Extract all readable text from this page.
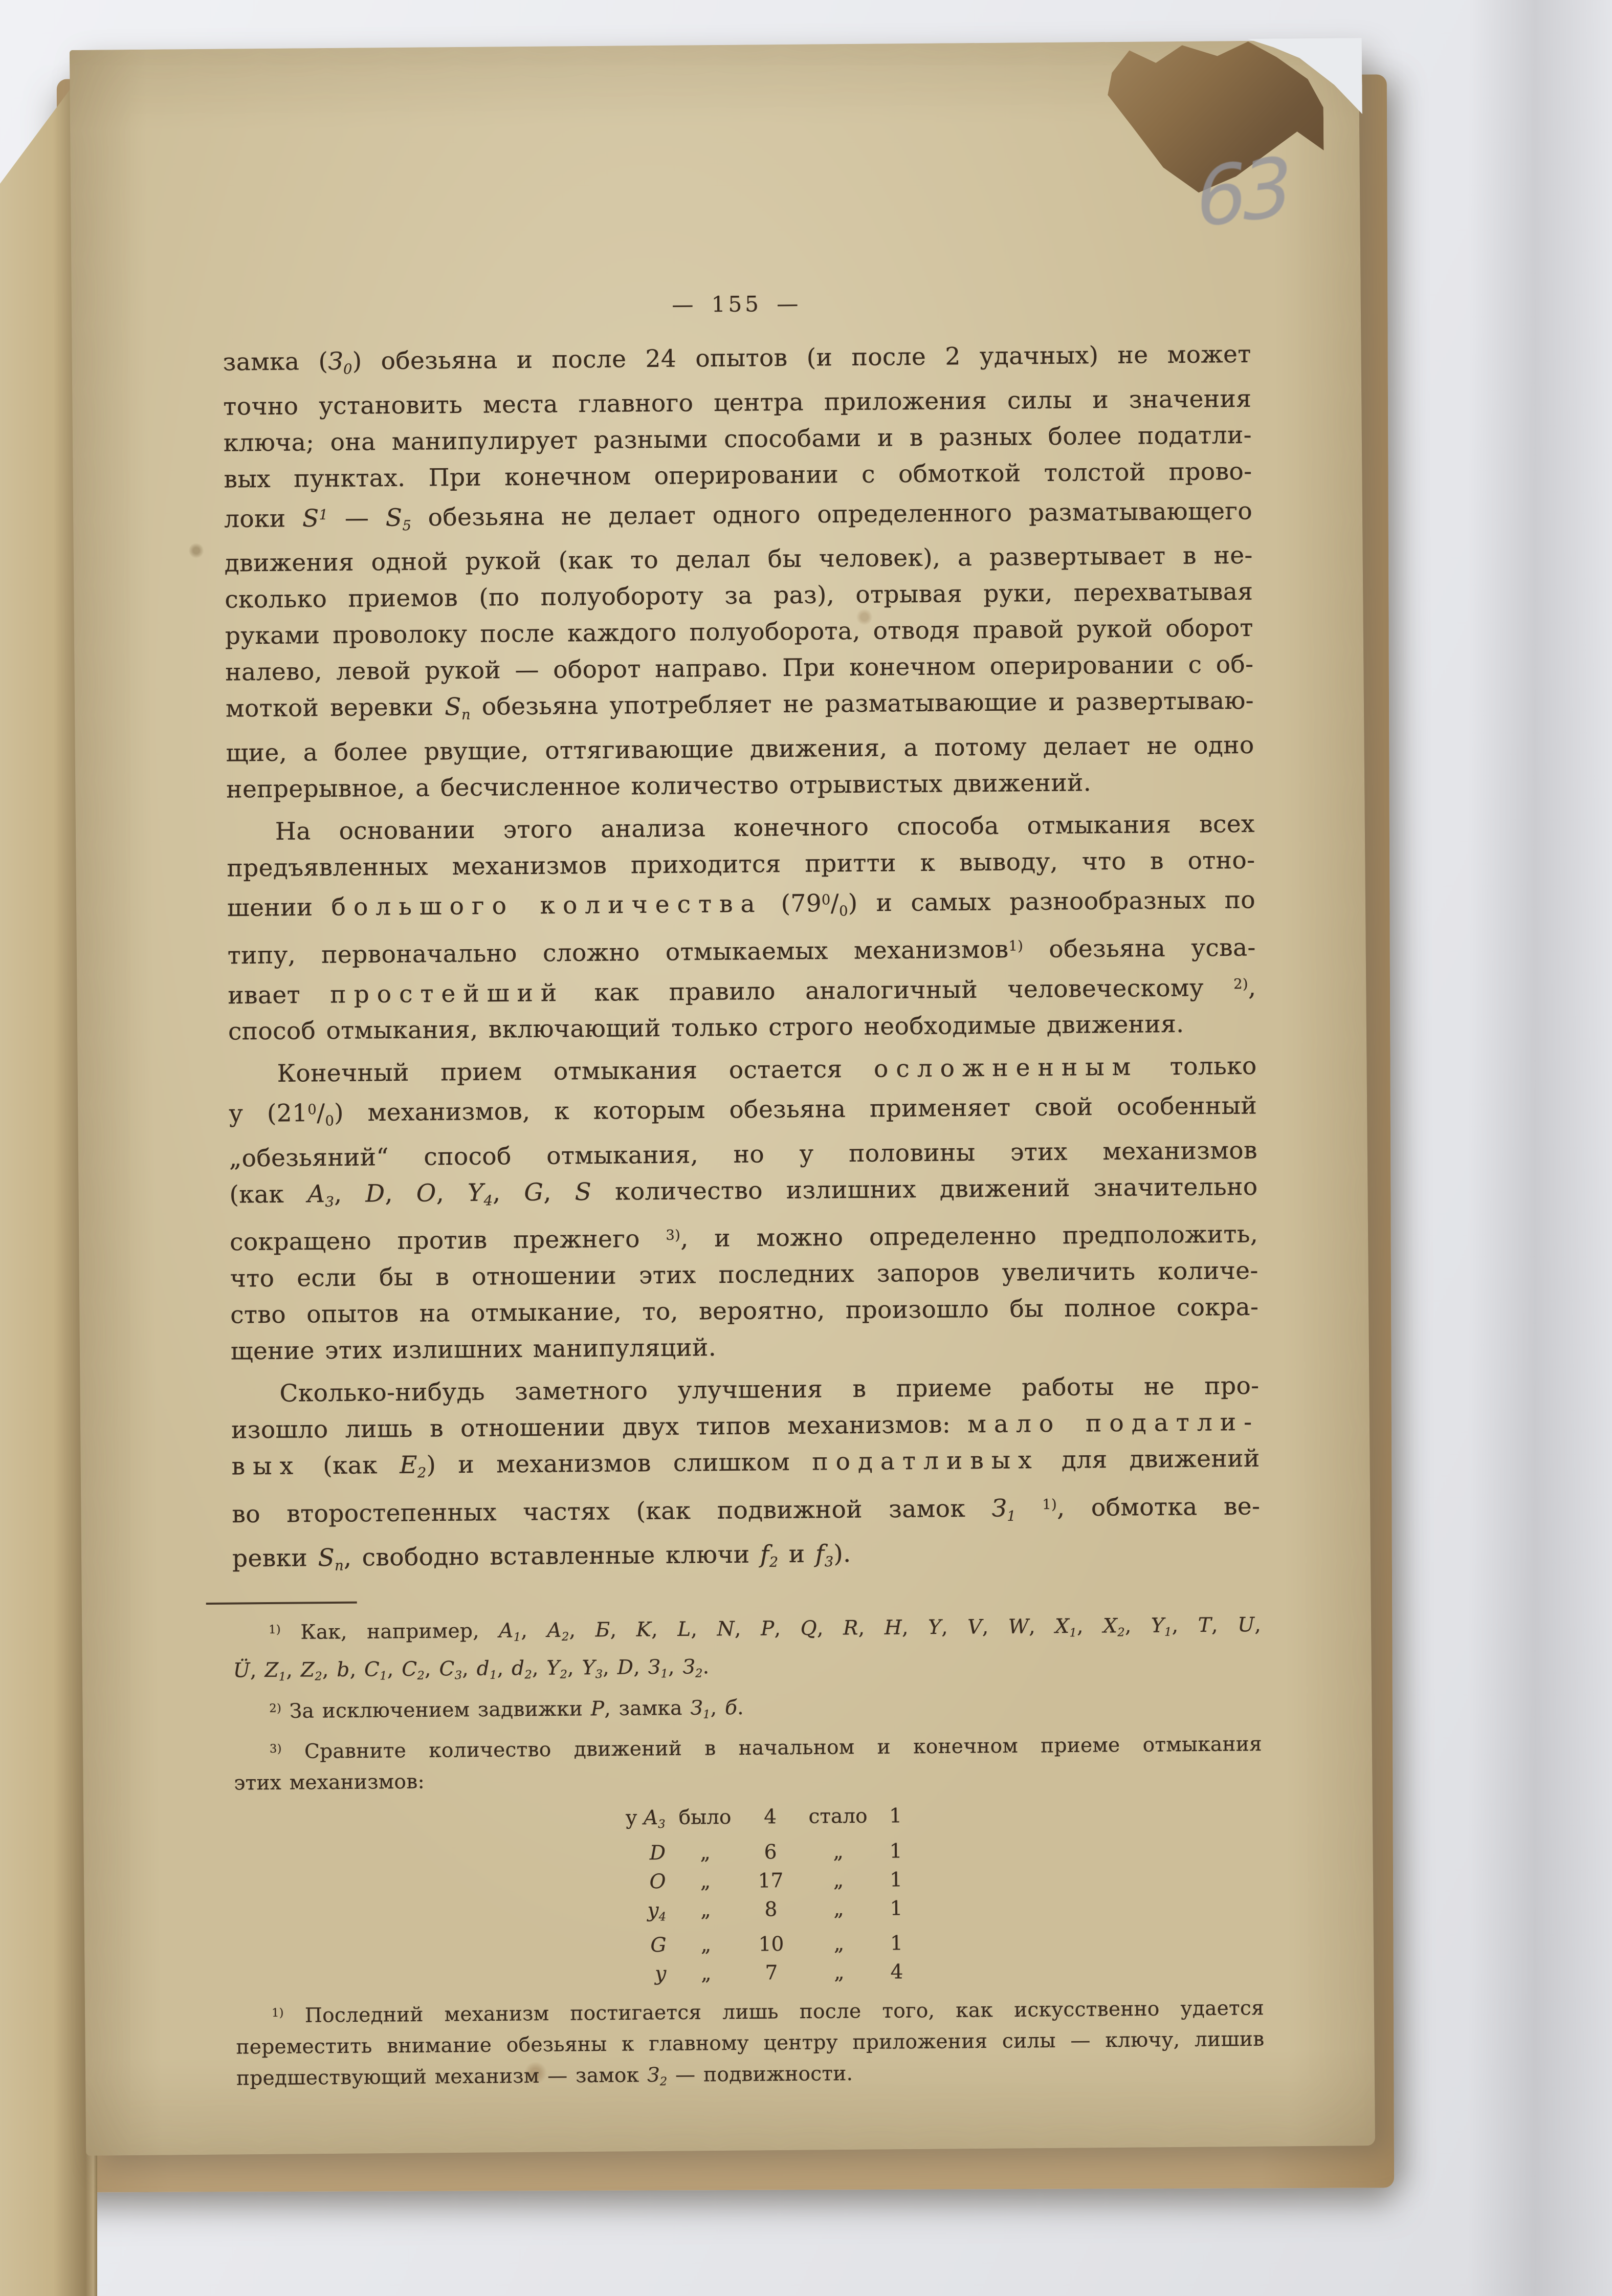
63
— 155 —
замка $(З_0)$ обезьяна и после 24 опытов (и после 2 удачных) не может
точно установить места главного центра приложения силы и значения
ключа; она манипулирует разными способами и в разных более податли-
вых пунктах. При конечном оперировании с обмоткой толстой прово-
локи $S^1$ — $S_5$ обезьяна не делает одного определенного разматывающего
движения одной рукой (как то делал бы человек), а развертывает в не-
сколько приемов (по полуобороту за раз), отрывая руки, перехватывая
руками проволоку после каждого полуоборота, отводя правой рукой оборот
налево, левой рукой — оборот направо. При конечном оперировании с об-
моткой веревки $S_n$ обезьяна употребляет не разматывающие и развертываю-
щие, а более рвущие, оттягивающие движения, а потому делает не одно
непрерывное, а бесчисленное количество отрывистых движений.
На основании этого анализа конечного способа отмыкания всех
предъявленных механизмов приходится притти к выводу, что в отно-
шении большого количества $(79^0/_0)$ и самых разнообразных по
типу, первоначально сложно отмыкаемых механизмов$^{1)}$ обезьяна усва-
ивает простейший как правило аналогичный человеческому $^{2)}$,
способ отмыкания, включающий только строго необходимые движения.
Конечный прием отмыкания остается осложненным только
у $(21^0/_0)$ механизмов, к которым обезьяна применяет свой особенный
„обезьяний“ способ отмыкания, но у половины этих механизмов
(как $A_3$, D, O, $Y_4$, G, S количество излишних движений значительно
сокращено против прежнего $^{3)}$, и можно определенно предположить,
что если бы в отношении этих последних запоров увеличить количе-
ство опытов на отмыкание, то, вероятно, произошло бы полное сокра-
щение этих излишних манипуляций.
Сколько-нибудь заметного улучшения в приеме работы не про-
изошло лишь в отношении двух типов механизмов: мало податли-
вых (как $E_2$) и механизмов слишком податливых для движений
во второстепенных частях (как подвижной замок $З_1$ $^{1)}$, обмотка ве-
ревки $S_n$, свободно вставленные ключи $f_2$ и $f_3$).
$^{1)}$ Как, например, $A_1$, $A_2$, Б, K, L, N, P, Q, R, H, Y, V, W, $X_1$, $X_2$, $Y_1$, T, U,
Ü, $Z_1$, $Z_2$, b, $C_1$, $C_2$, $C_3$, $d_1$, $d_2$, $Y_2$, $Y_3$, D, $З_1$, $З_2$.
$^{2)}$ За исключением задвижки P, замка $З_1$, б.
$^{3)}$ Сравните количество движений в начальном и конечном приеме отмыкания
этих механизмов:
у $A_3$ было	4	стало	1
D	„	6	„	1
O	„	17	„	1
$y_4$	„	8	„	1
G	„	10	„	1
у	„	7	„	4
$^{1)}$ Последний механизм постигается лишь после того, как искусственно удается
переместить внимание обезьяны к главному центру приложения силы — ключу, лишив
предшествующий механизм — замок $З_2$ — подвижности.
